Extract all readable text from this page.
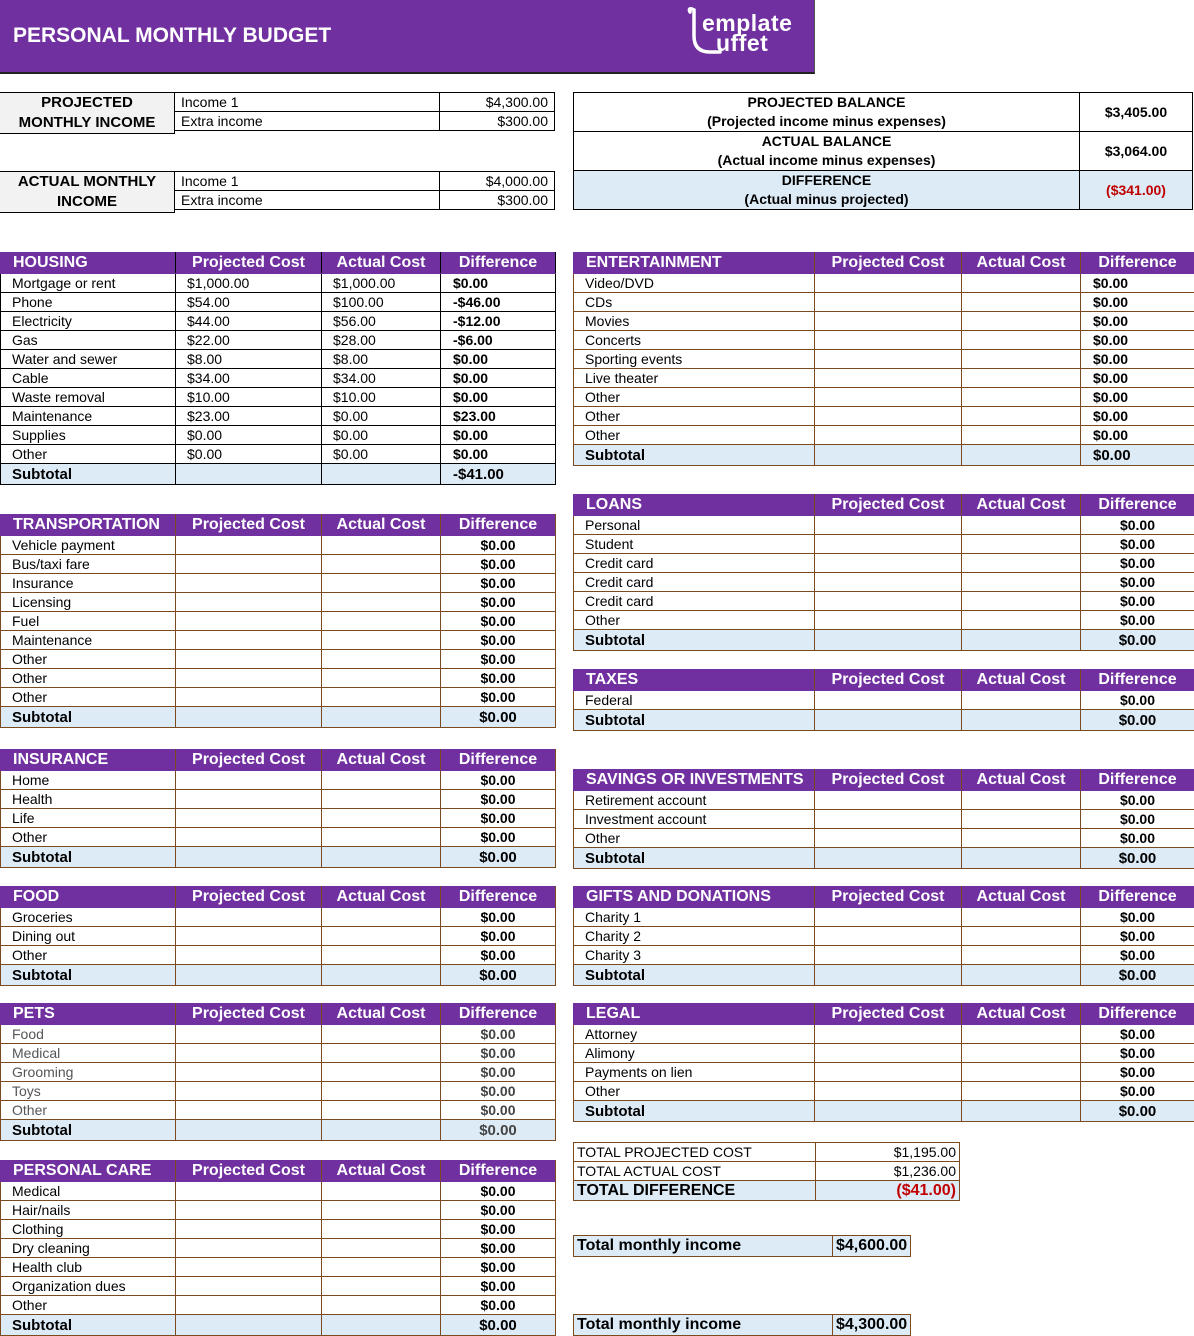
PERSONAL MONTHLY BUDGET	emplate
uffet
PROJECTED
MONTHLY INCOME	Income 1	$4,300.00
Extra income	$300.00

Total monthly income	$4,600.00
ACTUAL MONTHLY
INCOME	Income 1	$4,000.00
Extra income	$300.00

Total monthly income	$4,300.00
PROJECTED BALANCE
(Projected income minus expenses)	$3,405.00
ACTUAL BALANCE
(Actual income minus expenses)	$3,064.00
DIFFERENCE
(Actual minus projected)	($341.00)
HOUSING	Projected Cost	Actual Cost	Difference
Mortgage or rent	$1,000.00	$1,000.00	$0.00
Phone	$54.00	$100.00	-$46.00
Electricity	$44.00	$56.00	-$12.00
Gas	$22.00	$28.00	-$6.00
Water and sewer	$8.00	$8.00	$0.00
Cable	$34.00	$34.00	$0.00
Waste removal	$10.00	$10.00	$0.00
Maintenance	$23.00	$0.00	$23.00
Supplies	$0.00	$0.00	$0.00
Other	$0.00	$0.00	$0.00
Subtotal			-$41.00
TRANSPORTATION	Projected Cost	Actual Cost	Difference
Vehicle payment			$0.00
Bus/taxi fare			$0.00
Insurance			$0.00
Licensing			$0.00
Fuel			$0.00
Maintenance			$0.00
Other			$0.00
Other			$0.00
Other			$0.00
Subtotal			$0.00
INSURANCE	Projected Cost	Actual Cost	Difference
Home			$0.00
Health			$0.00
Life			$0.00
Other			$0.00
Subtotal			$0.00
FOOD	Projected Cost	Actual Cost	Difference
Groceries			$0.00
Dining out			$0.00
Other			$0.00
Subtotal			$0.00
PETS	Projected Cost	Actual Cost	Difference
Food			$0.00
Medical			$0.00
Grooming			$0.00
Toys			$0.00
Other			$0.00
Subtotal			$0.00
PERSONAL CARE	Projected Cost	Actual Cost	Difference
Medical			$0.00
Hair/nails			$0.00
Clothing			$0.00
Dry cleaning			$0.00
Health club			$0.00
Organization dues			$0.00
Other			$0.00
Subtotal			$0.00
ENTERTAINMENT	Projected Cost	Actual Cost	Difference
Video/DVD			$0.00
CDs			$0.00
Movies			$0.00
Concerts			$0.00
Sporting events			$0.00
Live theater			$0.00
Other			$0.00
Other			$0.00
Other			$0.00
Subtotal			$0.00
LOANS	Projected Cost	Actual Cost	Difference
Personal			$0.00
Student			$0.00
Credit card			$0.00
Credit card			$0.00
Credit card			$0.00
Other			$0.00
Subtotal			$0.00
TAXES	Projected Cost	Actual Cost	Difference
Federal			$0.00
Subtotal			$0.00
SAVINGS OR INVESTMENTS	Projected Cost	Actual Cost	Difference
Retirement account			$0.00
Investment account			$0.00
Other			$0.00
Subtotal			$0.00
GIFTS AND DONATIONS	Projected Cost	Actual Cost	Difference
Charity 1			$0.00
Charity 2			$0.00
Charity 3			$0.00
Subtotal			$0.00
LEGAL	Projected Cost	Actual Cost	Difference
Attorney			$0.00
Alimony			$0.00
Payments on lien			$0.00
Other			$0.00
Subtotal			$0.00
TOTAL PROJECTED COST	$1,195.00
TOTAL ACTUAL COST	$1,236.00
TOTAL DIFFERENCE	($41.00)
